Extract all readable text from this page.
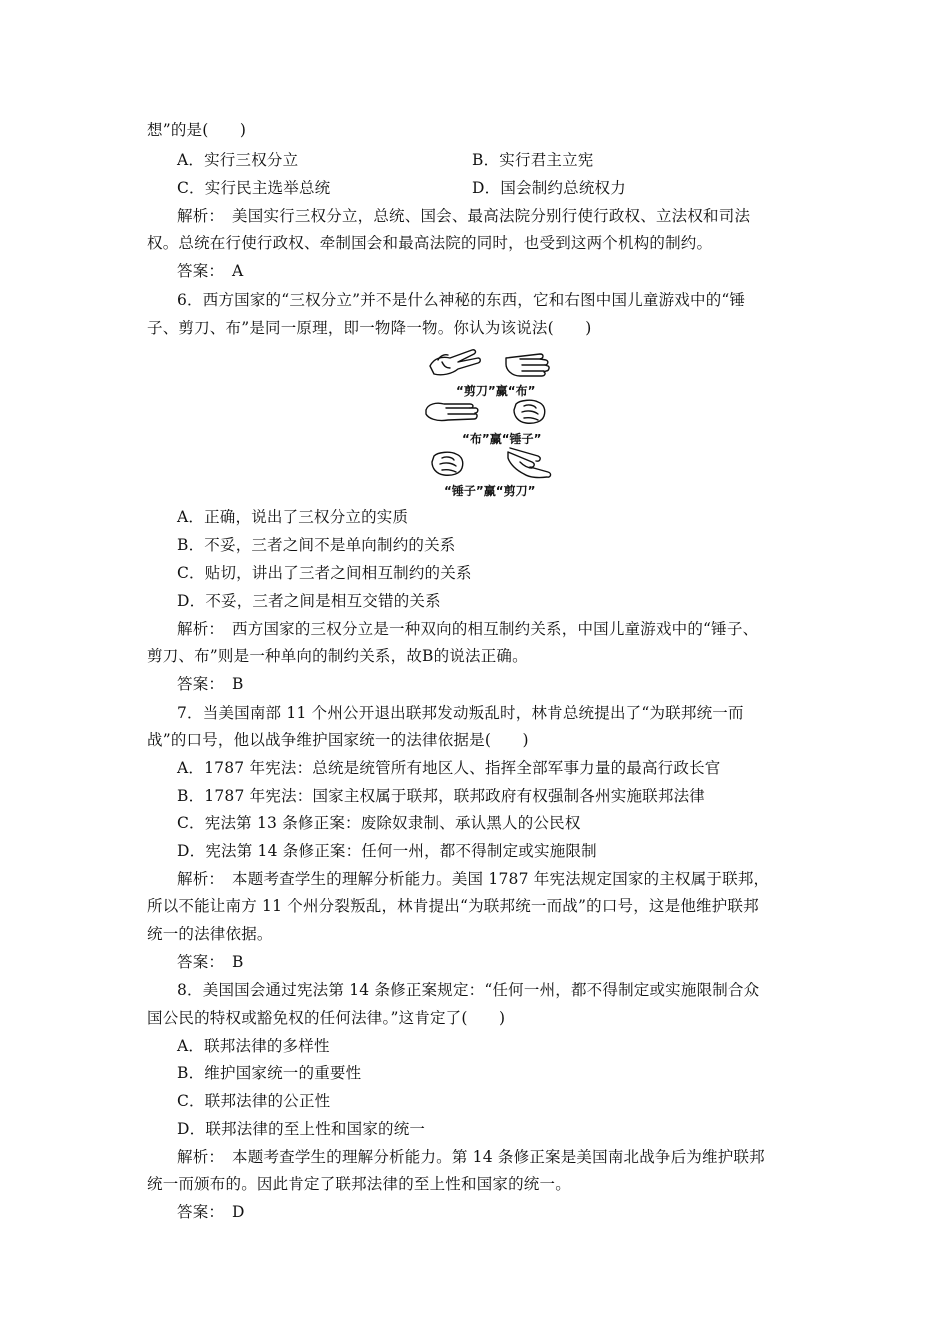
想”的是(　　)
A．实行三权分立	B．实行君主立宪
C．实行民主选举总统	D．国会制约总统权力
解析：　美国实行三权分立，总统、国会、最高法院分别行使行政权、立法权和司法
权。总统在行使行政权、牵制国会和最高法院的同时，也受到这两个机构的制约。
答案：　A
6．西方国家的“三权分立”并不是什么神秘的东西，它和右图中国儿童游戏中的“锤
子、剪刀、布”是同一原理，即一物降一物。你认为该说法(　　)
“剪刀”赢“布”
“布”赢“锤子”
“锤子”赢“剪刀”
A．正确，说出了三权分立的实质
B．不妥，三者之间不是单向制约的关系
C．贴切，讲出了三者之间相互制约的关系
D．不妥，三者之间是相互交错的关系
解析：　西方国家的三权分立是一种双向的相互制约关系，中国儿童游戏中的“锤子、
剪刀、布”则是一种单向的制约关系，故B的说法正确。
答案：　B
7．当美国南部 11 个州公开退出联邦发动叛乱时，林肯总统提出了“为联邦统一而
战”的口号，他以战争维护国家统一的法律依据是(　　)
A．1787 年宪法：总统是统管所有地区人、指挥全部军事力量的最高行政长官
B．1787 年宪法：国家主权属于联邦，联邦政府有权强制各州实施联邦法律
C．宪法第 13 条修正案：废除奴隶制、承认黑人的公民权
D．宪法第 14 条修正案：任何一州，都不得制定或实施限制
解析：　本题考查学生的理解分析能力。美国 1787 年宪法规定国家的主权属于联邦，
所以不能让南方 11 个州分裂叛乱，林肯提出“为联邦统一而战”的口号，这是他维护联邦
统一的法律依据。
答案：　B
8．美国国会通过宪法第 14 条修正案规定：“任何一州，都不得制定或实施限制合众
国公民的特权或豁免权的任何法律。”这肯定了(　　)
A．联邦法律的多样性
B．维护国家统一的重要性
C．联邦法律的公正性
D．联邦法律的至上性和国家的统一
解析：　本题考查学生的理解分析能力。第 14 条修正案是美国南北战争后为维护联邦
统一而颁布的。因此肯定了联邦法律的至上性和国家的统一。
答案：　D
